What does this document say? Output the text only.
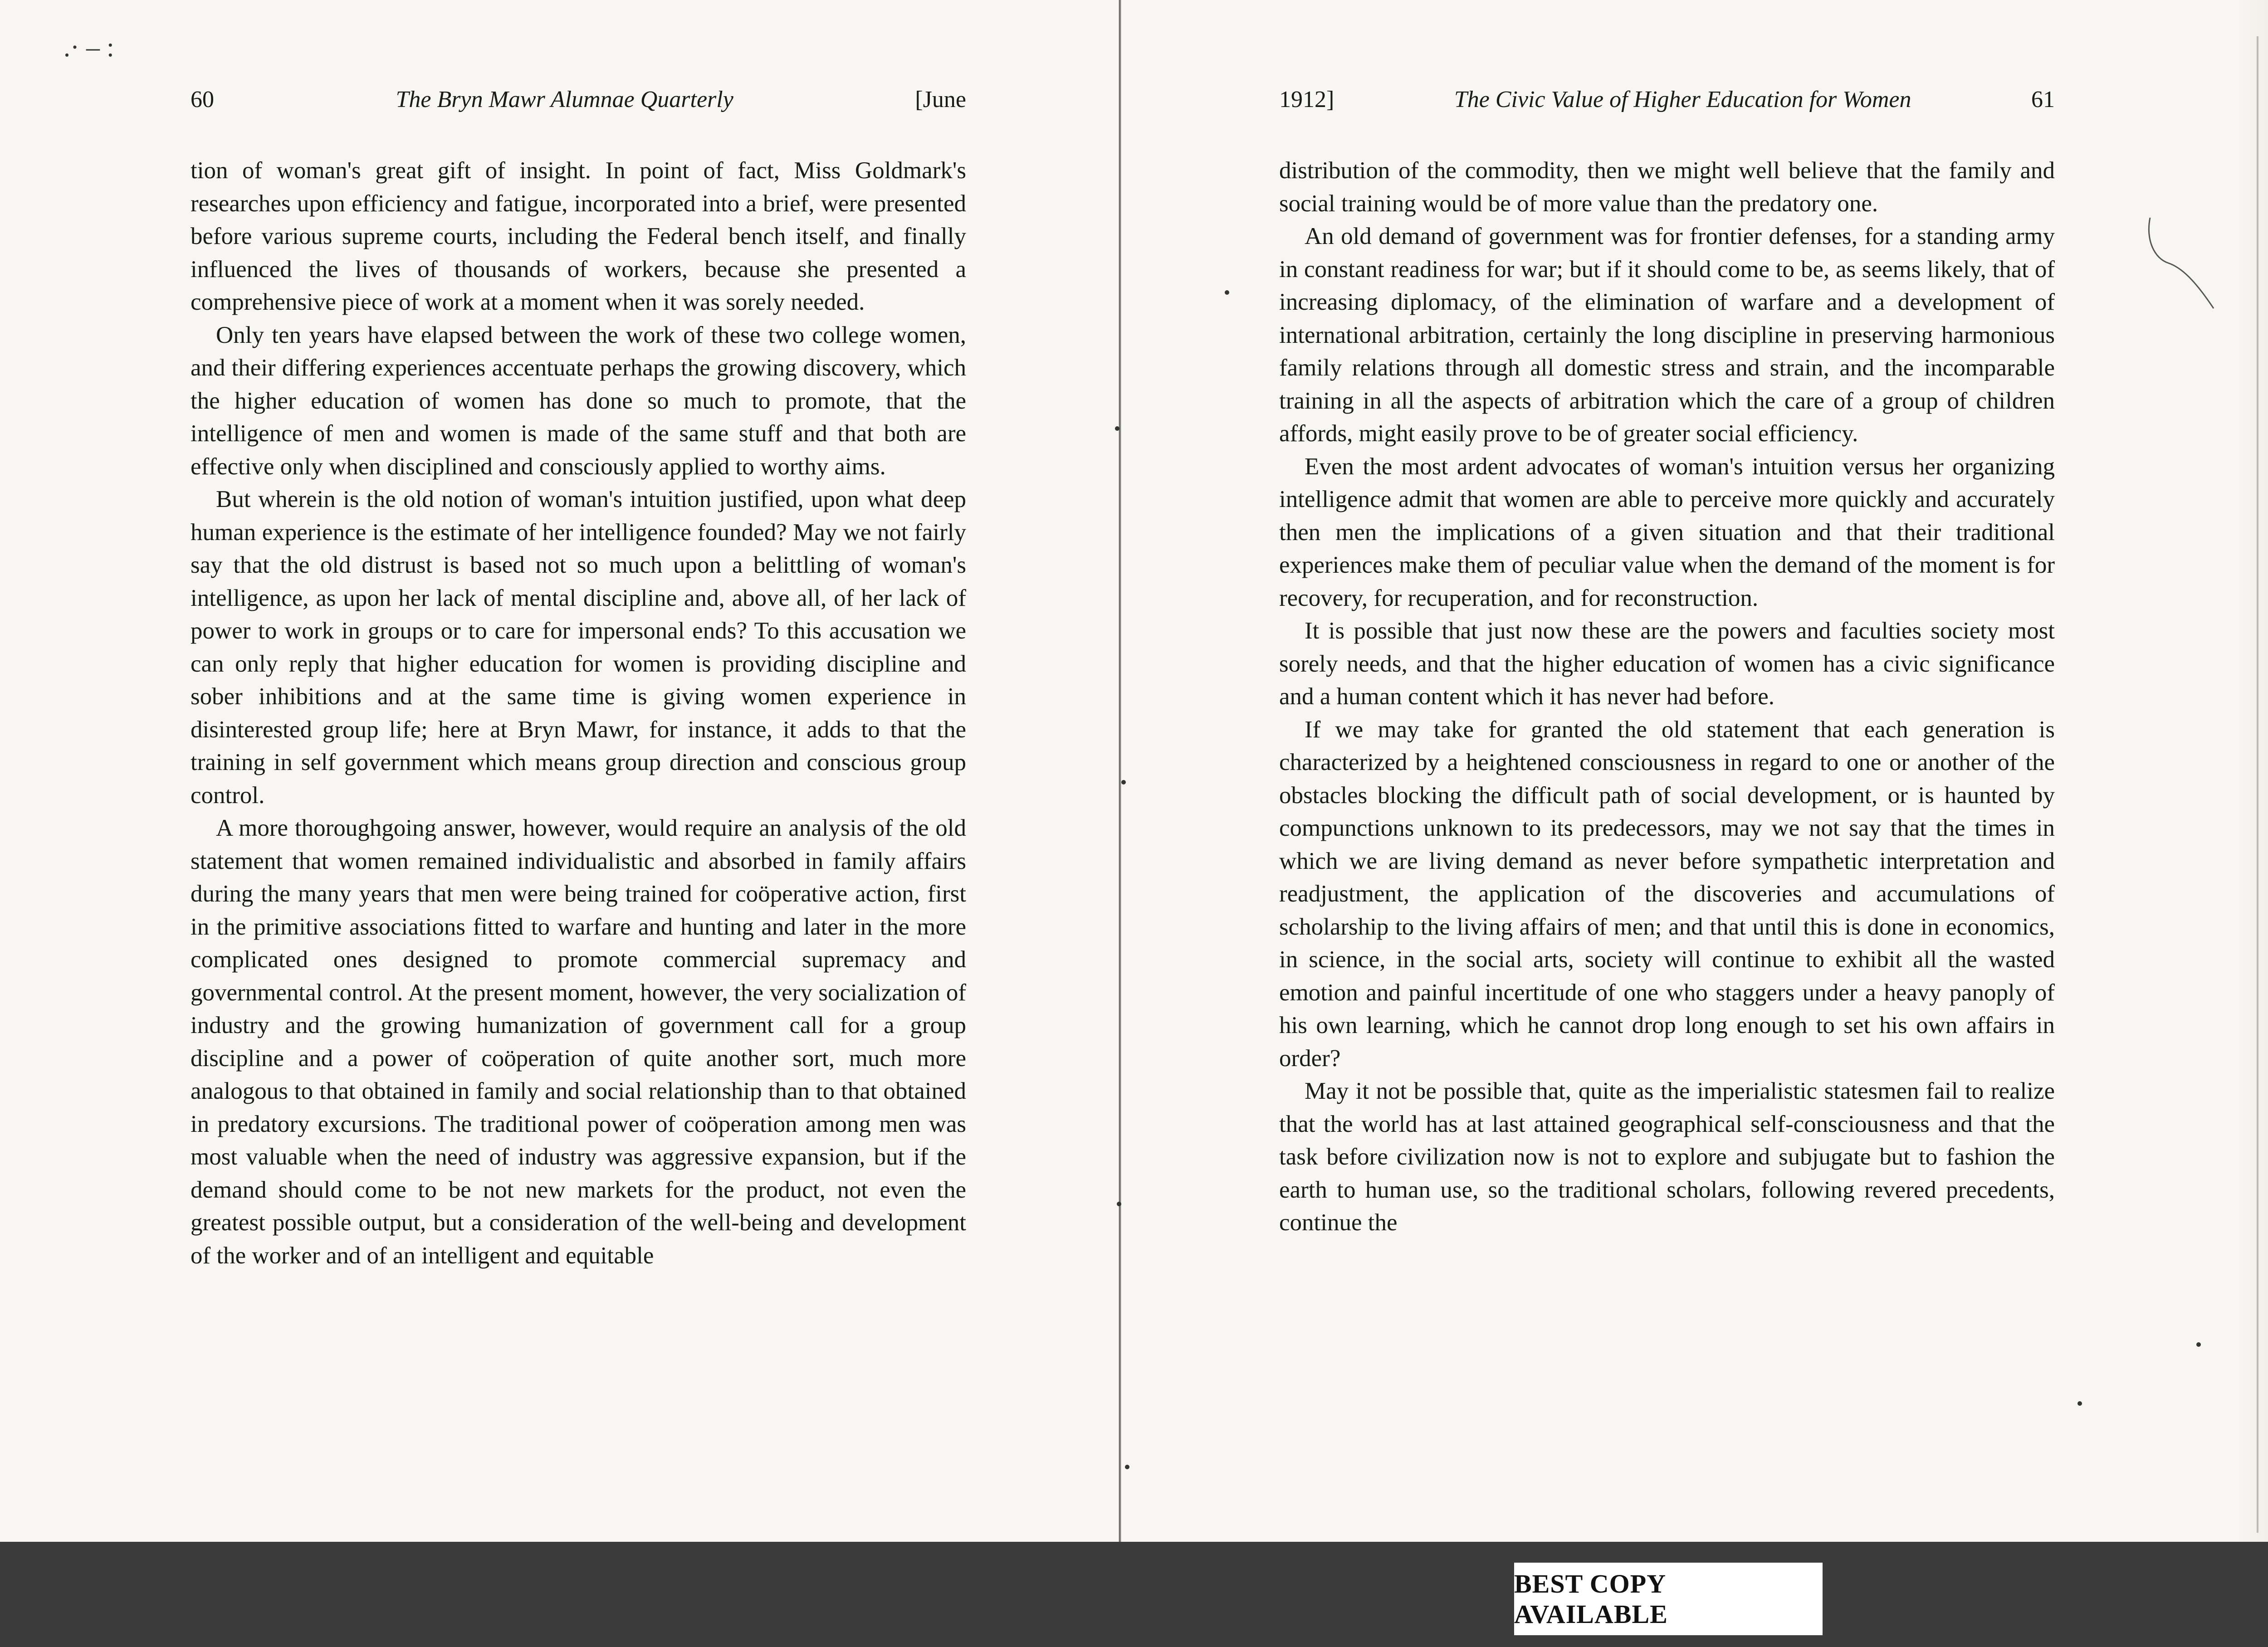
.· ‒ :
60	The Bryn Mawr Alumnae Quarterly	[June

tion of woman's great gift of insight. In point of fact, Miss Goldmark's researches upon efficiency and fatigue, incorporated into a brief, were presented before various supreme courts, including the Federal bench itself, and finally influenced the lives of thousands of workers, because she presented a comprehensive piece of work at a moment when it was sorely needed.

Only ten years have elapsed between the work of these two college women, and their differing experiences accentuate perhaps the growing discovery, which the higher education of women has done so much to promote, that the intelligence of men and women is made of the same stuff and that both are effective only when disciplined and consciously applied to worthy aims.

But wherein is the old notion of woman's intuition justified, upon what deep human experience is the estimate of her intelligence founded? May we not fairly say that the old distrust is based not so much upon a belittling of woman's intelligence, as upon her lack of mental discipline and, above all, of her lack of power to work in groups or to care for impersonal ends? To this accusation we can only reply that higher education for women is providing discipline and sober inhibitions and at the same time is giving women experience in disinterested group life; here at Bryn Mawr, for instance, it adds to that the training in self government which means group direction and conscious group control.

A more thoroughgoing answer, however, would require an analysis of the old statement that women remained individualistic and absorbed in family affairs during the many years that men were being trained for coöperative action, first in the primitive associations fitted to warfare and hunting and later in the more complicated ones designed to promote commercial supremacy and governmental control. At the present moment, however, the very socialization of industry and the growing humanization of government call for a group discipline and a power of coöperation of quite another sort, much more analogous to that obtained in family and social relationship than to that obtained in predatory excursions. The traditional power of coöperation among men was most valuable when the need of industry was aggressive expansion, but if the demand should come to be not new markets for the product, not even the greatest possible output, but a consideration of the well-being and development of the worker and of an intelligent and equitable

1912]	The Civic Value of Higher Education for Women	61

distribution of the commodity, then we might well believe that the family and social training would be of more value than the predatory one.

An old demand of government was for frontier defenses, for a standing army in constant readiness for war; but if it should come to be, as seems likely, that of increasing diplomacy, of the elimination of warfare and a development of international arbitration, certainly the long discipline in preserving harmonious family relations through all domestic stress and strain, and the incomparable training in all the aspects of arbitration which the care of a group of children affords, might easily prove to be of greater social efficiency.

Even the most ardent advocates of woman's intuition versus her organizing intelligence admit that women are able to perceive more quickly and accurately then men the implications of a given situation and that their traditional experiences make them of peculiar value when the demand of the moment is for recovery, for recuperation, and for reconstruction.

It is possible that just now these are the powers and faculties society most sorely needs, and that the higher education of women has a civic significance and a human content which it has never had before.

If we may take for granted the old statement that each generation is characterized by a heightened consciousness in regard to one or another of the obstacles blocking the difficult path of social development, or is haunted by compunctions unknown to its predecessors, may we not say that the times in which we are living demand as never before sympathetic interpretation and readjustment, the application of the discoveries and accumulations of scholarship to the living affairs of men; and that until this is done in economics, in science, in the social arts, society will continue to exhibit all the wasted emotion and painful incertitude of one who staggers under a heavy panoply of his own learning, which he cannot drop long enough to set his own affairs in order?

May it not be possible that, quite as the imperialistic statesmen fail to realize that the world has at last attained geographical self-consciousness and that the task before civilization now is not to explore and subjugate but to fashion the earth to human use, so the traditional scholars, following revered precedents, continue the

BEST COPY AVAILABLE
